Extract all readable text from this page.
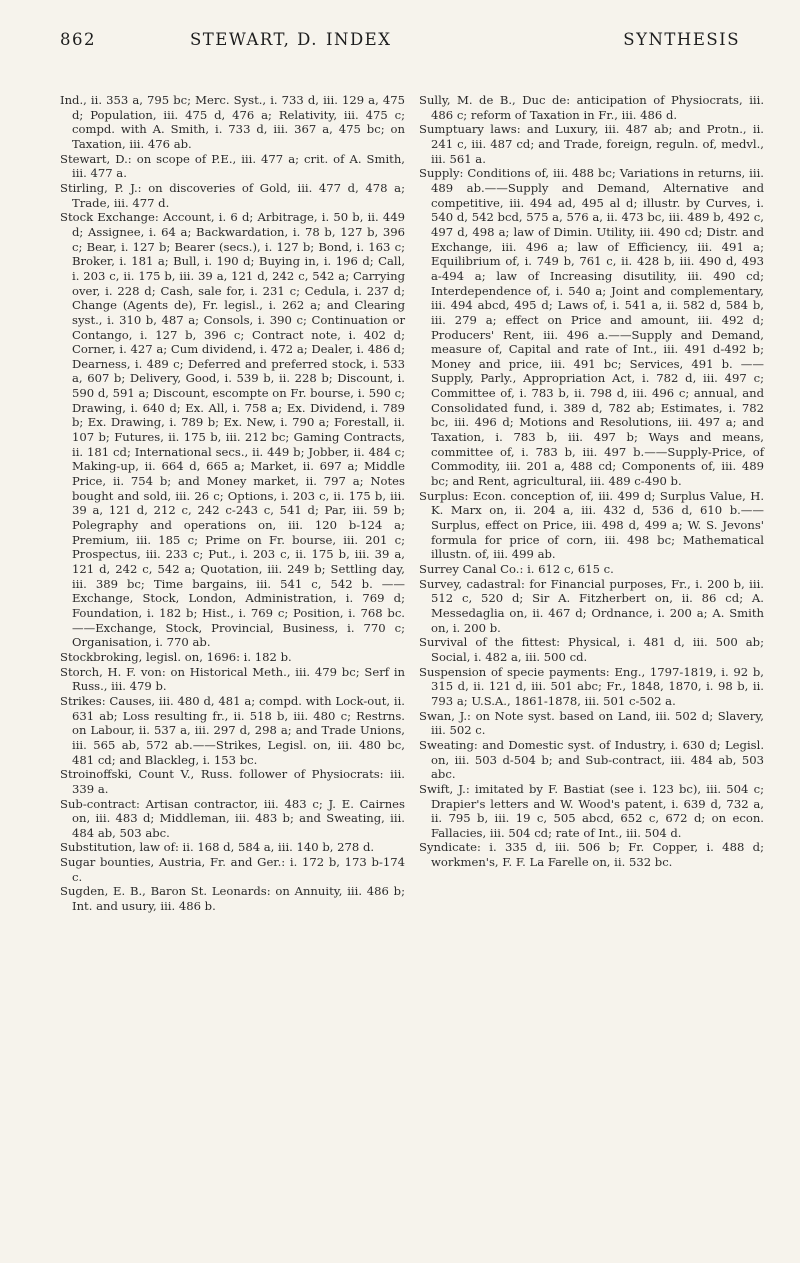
862	STEWART, D. INDEX	SYNTHESIS

Ind., ii. 353 a, 795 bc; Merc. Syst., i. 733 d, iii. 129 a, 475 d; Population, iii. 475 d, 476 a; Relativity, iii. 475 c; compd. with A. Smith, i. 733 d, iii. 367 a, 475 bc; on Taxation, iii. 476 ab.

Stewart, D.: on scope of P.E., iii. 477 a; crit. of A. Smith, iii. 477 a.

Stirling, P. J.: on discoveries of Gold, iii. 477 d, 478 a; Trade, iii. 477 d.

Stock Exchange: Account, i. 6 d; Arbitrage, i. 50 b, ii. 449 d; Assignee, i. 64 a; Backwardation, i. 78 b, 127 b, 396 c; Bear, i. 127 b; Bearer (secs.), i. 127 b; Bond, i. 163 c; Broker, i. 181 a; Bull, i. 190 d; Buying in, i. 196 d; Call, i. 203 c, ii. 175 b, iii. 39 a, 121 d, 242 c, 542 a; Carrying over, i. 228 d; Cash, sale for, i. 231 c; Cedula, i. 237 d; Change (Agents de), Fr. legisl., i. 262 a; and Clearing syst., i. 310 b, 487 a; Consols, i. 390 c; Continuation or Contango, i. 127 b, 396 c; Contract note, i. 402 d; Corner, i. 427 a; Cum dividend, i. 472 a; Dealer, i. 486 d; Dearness, i. 489 c; Deferred and preferred stock, i. 533 a, 607 b; Delivery, Good, i. 539 b, ii. 228 b; Discount, i. 590 d, 591 a; Discount, escompte on Fr. bourse, i. 590 c; Drawing, i. 640 d; Ex. All, i. 758 a; Ex. Dividend, i. 789 b; Ex. Drawing, i. 789 b; Ex. New, i. 790 a; Forestall, ii. 107 b; Futures, ii. 175 b, iii. 212 bc; Gaming Contracts, ii. 181 cd; International secs., ii. 449 b; Jobber, ii. 484 c; Making-up, ii. 664 d, 665 a; Market, ii. 697 a; Middle Price, ii. 754 b; and Money market, ii. 797 a; Notes bought and sold, iii. 26 c; Options, i. 203 c, ii. 175 b, iii. 39 a, 121 d, 212 c, 242 c-243 c, 541 d; Par, iii. 59 b; Polegraphy and operations on, iii. 120 b-124 a; Premium, iii. 185 c; Prime on Fr. bourse, iii. 201 c; Prospectus, iii. 233 c; Put., i. 203 c, ii. 175 b, iii. 39 a, 121 d, 242 c, 542 a; Quotation, iii. 249 b; Settling day, iii. 389 bc; Time bargains, iii. 541 c, 542 b. ——Exchange, Stock, London, Administration, i. 769 d; Foundation, i. 182 b; Hist., i. 769 c; Position, i. 768 bc.——Exchange, Stock, Provincial, Business, i. 770 c; Organisation, i. 770 ab.

Stockbroking, legisl. on, 1696: i. 182 b.

Storch, H. F. von: on Historical Meth., iii. 479 bc; Serf in Russ., iii. 479 b.

Strikes: Causes, iii. 480 d, 481 a; compd. with Lock-out, ii. 631 ab; Loss resulting fr., ii. 518 b, iii. 480 c; Restrns. on Labour, ii. 537 a, iii. 297 d, 298 a; and Trade Unions, iii. 565 ab, 572 ab.——Strikes, Legisl. on, iii. 480 bc, 481 cd; and Blackleg, i. 153 bc.

Stroinoffski, Count V., Russ. follower of Physiocrats: iii. 339 a.

Sub-contract: Artisan contractor, iii. 483 c; J. E. Cairnes on, iii. 483 d; Middleman, iii. 483 b; and Sweating, iii. 484 ab, 503 abc.

Substitution, law of: ii. 168 d, 584 a, iii. 140 b, 278 d.

Sugar bounties, Austria, Fr. and Ger.: i. 172 b, 173 b-174 c.

Sugden, E. B., Baron St. Leonards: on Annuity, iii. 486 b; Int. and usury, iii. 486 b.

Sully, M. de B., Duc de: anticipation of Physiocrats, iii. 486 c; reform of Taxation in Fr., iii. 486 d.

Sumptuary laws: and Luxury, iii. 487 ab; and Protn., ii. 241 c, iii. 487 cd; and Trade, foreign, reguln. of, medvl., iii. 561 a.

Supply: Conditions of, iii. 488 bc; Variations in returns, iii. 489 ab.——Supply and Demand, Alternative and competitive, iii. 494 ad, 495 al d; illustr. by Curves, i. 540 d, 542 bcd, 575 a, 576 a, ii. 473 bc, iii. 489 b, 492 c, 497 d, 498 a; law of Dimin. Utility, iii. 490 cd; Distr. and Exchange, iii. 496 a; law of Efficiency, iii. 491 a; Equilibrium of, i. 749 b, 761 c, ii. 428 b, iii. 490 d, 493 a-494 a; law of Increasing disutility, iii. 490 cd; Interdependence of, i. 540 a; Joint and complementary, iii. 494 abcd, 495 d; Laws of, i. 541 a, ii. 582 d, 584 b, iii. 279 a; effect on Price and amount, iii. 492 d; Producers' Rent, iii. 496 a.——Supply and Demand, measure of, Capital and rate of Int., iii. 491 d-492 b; Money and price, iii. 491 bc; Services, 491 b. ——Supply, Parly., Appropriation Act, i. 782 d, iii. 497 c; Committee of, i. 783 b, ii. 798 d, iii. 496 c; annual, and Consolidated fund, i. 389 d, 782 ab; Estimates, i. 782 bc, iii. 496 d; Motions and Resolutions, iii. 497 a; and Taxation, i. 783 b, iii. 497 b; Ways and means, committee of, i. 783 b, iii. 497 b.——Supply-Price, of Commodity, iii. 201 a, 488 cd; Components of, iii. 489 bc; and Rent, agricultural, iii. 489 c-490 b.

Surplus: Econ. conception of, iii. 499 d; Surplus Value, H. K. Marx on, ii. 204 a, iii. 432 d, 536 d, 610 b.——Surplus, effect on Price, iii. 498 d, 499 a; W. S. Jevons' formula for price of corn, iii. 498 bc; Mathematical illustn. of, iii. 499 ab.

Surrey Canal Co.: i. 612 c, 615 c.

Survey, cadastral: for Financial purposes, Fr., i. 200 b, iii. 512 c, 520 d; Sir A. Fitzherbert on, ii. 86 cd; A. Messedaglia on, ii. 467 d; Ordnance, i. 200 a; A. Smith on, i. 200 b.

Survival of the fittest: Physical, i. 481 d, iii. 500 ab; Social, i. 482 a, iii. 500 cd.

Suspension of specie payments: Eng., 1797-1819, i. 92 b, 315 d, ii. 121 d, iii. 501 abc; Fr., 1848, 1870, i. 98 b, ii. 793 a; U.S.A., 1861-1878, iii. 501 c-502 a.

Swan, J.: on Note syst. based on Land, iii. 502 d; Slavery, iii. 502 c.

Sweating: and Domestic syst. of Industry, i. 630 d; Legisl. on, iii. 503 d-504 b; and Sub-contract, iii. 484 ab, 503 abc.

Swift, J.: imitated by F. Bastiat (see i. 123 bc), iii. 504 c; Drapier's letters and W. Wood's patent, i. 639 d, 732 a, ii. 795 b, iii. 19 c, 505 abcd, 652 c, 672 d; on econ. Fallacies, iii. 504 cd; rate of Int., iii. 504 d.

Syndicate: i. 335 d, iii. 506 b; Fr. Copper, i. 488 d; workmen's, F. F. La Farelle on, ii. 532 bc.
